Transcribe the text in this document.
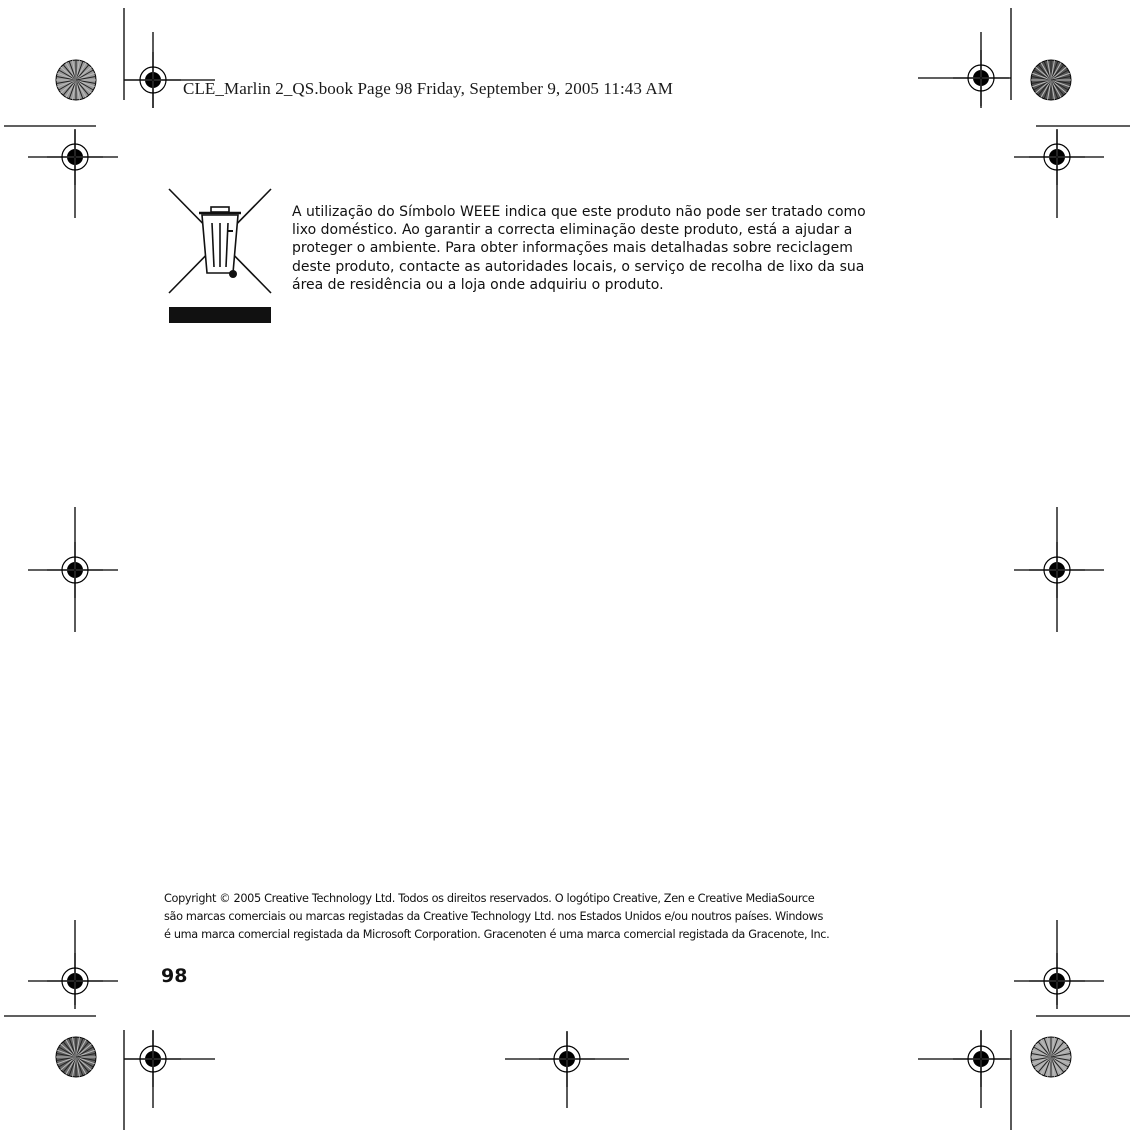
CLE_Marlin 2_QS.book Page 98 Friday, September 9, 2005 11:43 AM
A utilização do Símbolo WEEE indica que este produto não pode ser tratado como
lixo doméstico. Ao garantir a correcta eliminação deste produto, está a ajudar a
proteger o ambiente. Para obter informações mais detalhadas sobre reciclagem
deste produto, contacte as autoridades locais, o serviço de recolha de lixo da sua
área de residência ou a loja onde adquiriu o produto.
Copyright © 2005 Creative Technology Ltd. Todos os direitos reservados. O logótipo Creative, Zen e Creative MediaSource
são marcas comerciais ou marcas registadas da Creative Technology Ltd. nos Estados Unidos e/ou noutros países. Windows
é uma marca comercial registada da Microsoft Corporation. Gracenoten é uma marca comercial registada da Gracenote, Inc.
98
